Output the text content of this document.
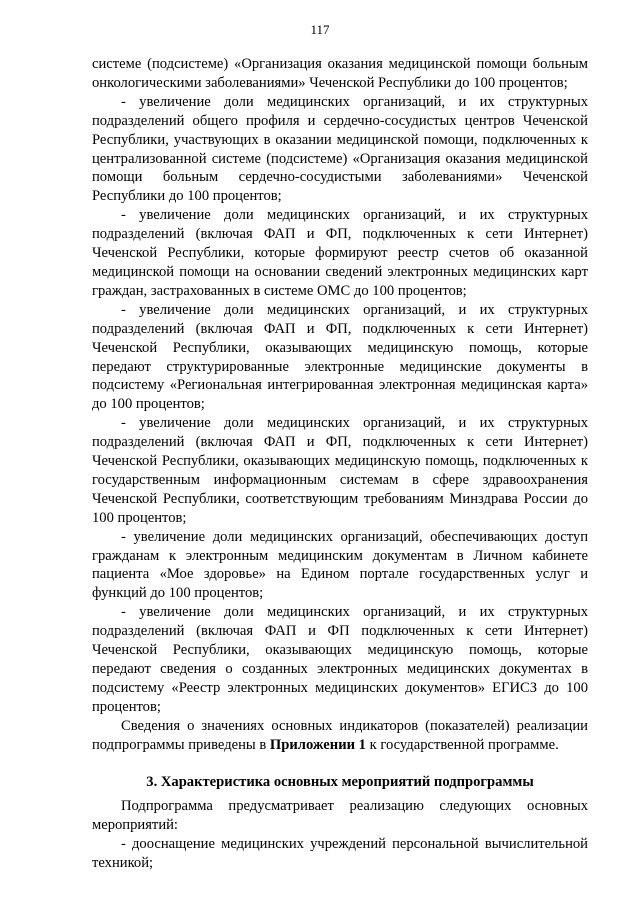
117

системе (подсистеме) «Организация оказания медицинской помощи больным онкологическими заболеваниями» Чеченской Республики до 100 процентов;

- увеличение доли медицинских организаций, и их структурных подразделений общего профиля и сердечно-сосудистых центров Чеченской Республики, участвующих в оказании медицинской помощи, подключенных к централизованной системе (подсистеме) «Организация оказания медицинской помощи больным сердечно-сосудистыми заболеваниями» Чеченской Республики до 100 процентов;

- увеличение доли медицинских организаций, и их структурных подразделений (включая ФАП и ФП, подключенных к сети Интернет) Чеченской Республики, которые формируют реестр счетов об оказанной медицинской помощи на основании сведений электронных медицинских карт граждан, застрахованных в системе ОМС до 100 процентов;

- увеличение доли медицинских организаций, и их структурных подразделений (включая ФАП и ФП, подключенных к сети Интернет) Чеченской Республики, оказывающих медицинскую помощь, которые передают структурированные электронные медицинские документы в подсистему «Региональная интегрированная электронная медицинская карта» до 100 процентов;

- увеличение доли медицинских организаций, и их структурных подразделений (включая ФАП и ФП, подключенных к сети Интернет) Чеченской Республики, оказывающих медицинскую помощь, подключенных к государственным информационным системам в сфере здравоохранения Чеченской Республики, соответствующим требованиям Минздрава России до 100 процентов;

- увеличение доли медицинских организаций, обеспечивающих доступ гражданам к электронным медицинским документам в Личном кабинете пациента «Мое здоровье» на Едином портале государственных услуг и функций до 100 процентов;

- увеличение доли медицинских организаций, и их структурных подразделений (включая ФАП и ФП подключенных к сети Интернет) Чеченской Республики, оказывающих медицинскую помощь, которые передают сведения о созданных электронных медицинских документах в подсистему «Реестр электронных медицинских документов» ЕГИСЗ до 100 процентов;

Сведения о значениях основных индикаторов (показателей) реализации подпрограммы приведены в Приложении 1 к государственной программе.

3. Характеристика основных мероприятий подпрограммы

Подпрограмма предусматривает реализацию следующих основных мероприятий:

- дооснащение медицинских учреждений персональной вычислительной техникой;
